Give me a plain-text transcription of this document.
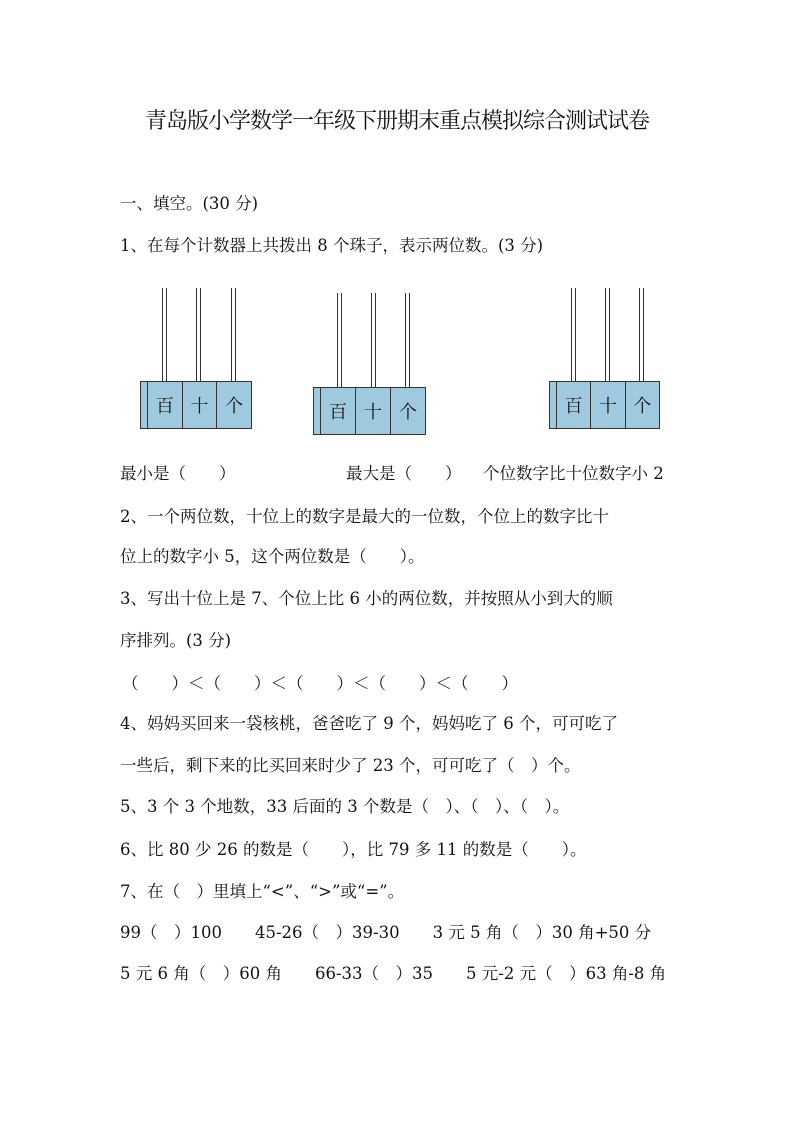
青岛版小学数学一年级下册期末重点模拟综合测试试卷
一、填空。(30 分)
1、在每个计数器上共拨出 8 个珠子，表示两位数。(3 分)
百 十 个	百 十 个	百 十 个
最小是（　　）	最大是（　　） 个位数字比十位数字小 2
2、一个两位数，十位上的数字是最大的一位数，个位上的数字比十
位上的数字小 5，这个两位数是（　　）。
3、写出十位上是 7、个位上比 6 小的两位数，并按照从小到大的顺
序排列。(3 分)
（　　）＜（　　）＜（　　）＜（　　）＜（　　）
4、妈妈买回来一袋核桃，爸爸吃了 9 个，妈妈吃了 6 个，可可吃了
一些后，剩下来的比买回来时少了 23 个，可可吃了（　）个。
5、3 个 3 个地数，33 后面的 3 个数是（　）、（　）、（　）。
6、比 80 少 26 的数是（　　），比 79 多 11 的数是（　　）。
7、在（　）里填上“<”、“>”或“=”。
99（　）100　　45-26（　）39-30　　3 元 5 角（　）30 角+50 分
5 元 6 角（　）60 角　　66-33（　）35　　5 元-2 元（　）63 角-8 角
